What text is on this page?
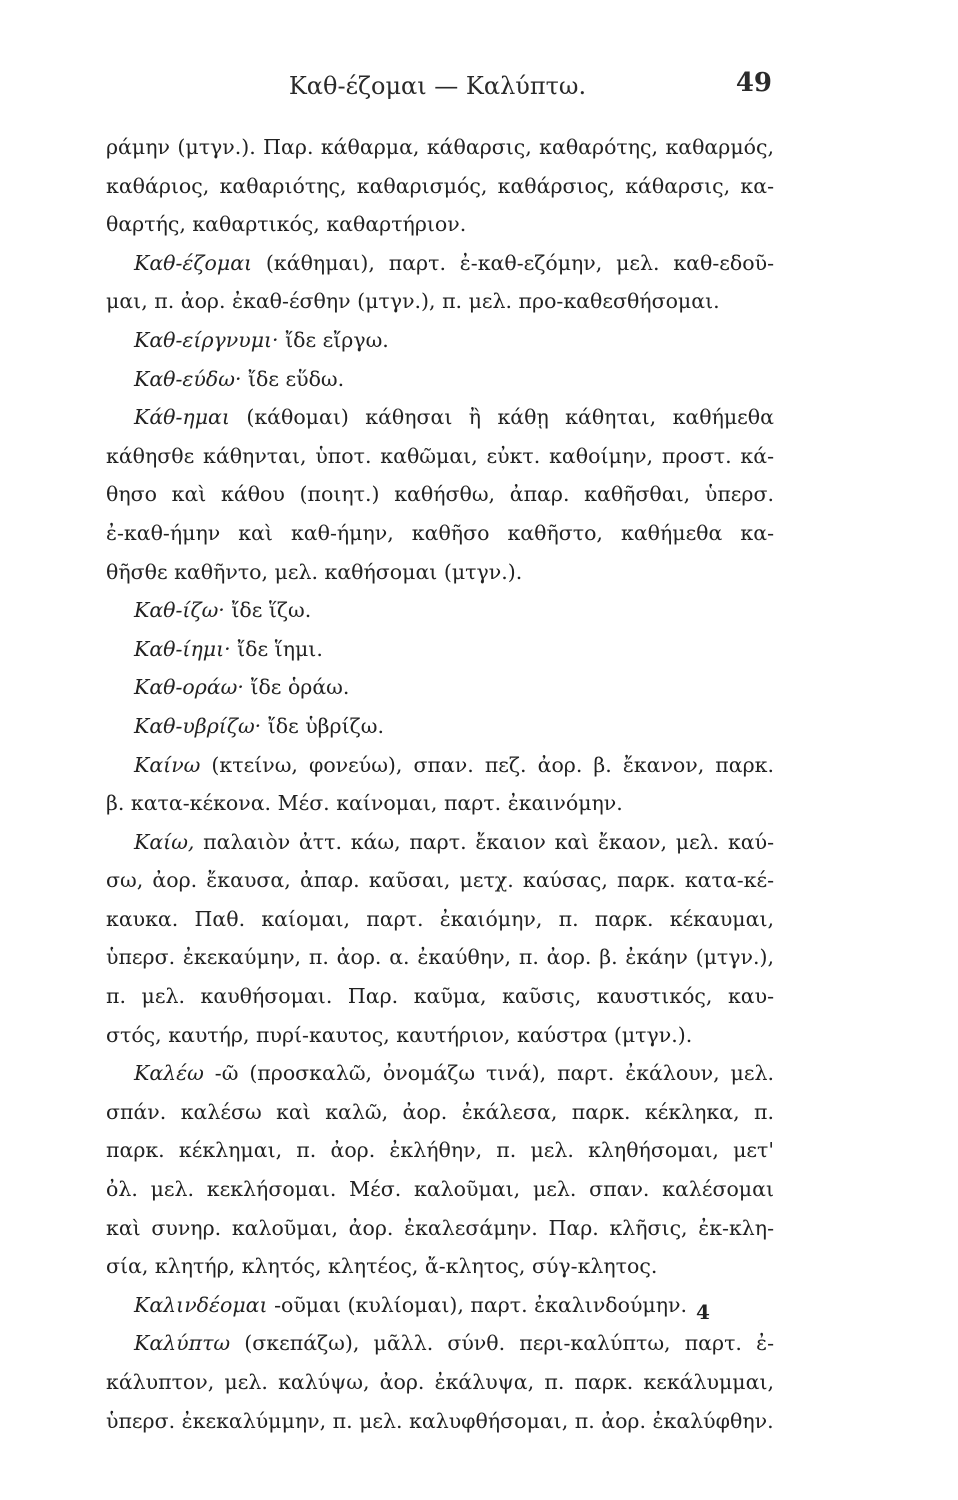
Καθ-έζομαι — Καλύπτω.	49
ράμην (μτγν.). Παρ. κάθαρμα, κάθαρσις, καθαρότης, καθαρμός,
καθάριος, καθαριότης, καθαρισμός, καθάρσιος, κάθαρσις, κα-
θαρτής, καθαρτικός, καθαρτήριον.
Καθ-έζομαι (κάθημαι), παρτ. ἐ-καθ-εζόμην, μελ. καθ-εδοῦ-
μαι, π. ἀορ. ἐκαθ-έσθην (μτγν.), π. μελ. προ-καθεσθήσομαι.
Καθ-είργνυμι· ἴδε εἴργω.
Καθ-εύδω· ἴδε εὕδω.
Κάθ-ημαι (κάθομαι) κάθησαι ἢ κάθῃ κάθηται, καθήμεθα
κάθησθε κάθηνται, ὑποτ. καθῶμαι, εὐκτ. καθοίμην, προστ. κά-
θησο καὶ κάθου (ποιητ.) καθήσθω, ἀπαρ. καθῆσθαι, ὑπερσ.
ἐ-καθ-ήμην καὶ καθ-ήμην, καθῆσο καθῆστο, καθήμεθα κα-
θῆσθε καθῆντο, μελ. καθήσομαι (μτγν.).
Καθ-ίζω· ἴδε ἵζω.
Καθ-ίημι· ἴδε ἵημι.
Καθ-οράω· ἴδε ὁράω.
Καθ-υβρίζω· ἴδε ὑβρίζω.
Καίνω (κτείνω, φονεύω), σπαν. πεζ. ἀορ. β. ἔκανον, παρκ.
β. κατα-κέκονα. Μέσ. καίνομαι, παρτ. ἐκαινόμην.
Καίω, παλαιὸν ἀττ. κάω, παρτ. ἔκαιον καὶ ἔκαον, μελ. καύ-
σω, ἀορ. ἔκαυσα, ἀπαρ. καῦσαι, μετχ. καύσας, παρκ. κατα-κέ-
καυκα. Παθ. καίομαι, παρτ. ἐκαιόμην, π. παρκ. κέκαυμαι,
ὑπερσ. ἐκεκαύμην, π. ἀορ. α. ἐκαύθην, π. ἀορ. β. ἐκάην (μτγν.),
π. μελ. καυθήσομαι. Παρ. καῦμα, καῦσις, καυστικός, καυ-
στός, καυτήρ, πυρί-καυτος, καυτήριον, καύστρα (μτγν.).
Καλέω -ῶ (προσκαλῶ, ὀνομάζω τινά), παρτ. ἐκάλουν, μελ.
σπάν. καλέσω καὶ καλῶ, ἀορ. ἐκάλεσα, παρκ. κέκληκα, π.
παρκ. κέκλημαι, π. ἀορ. ἐκλήθην, π. μελ. κληθήσομαι, μετ'
ὀλ. μελ. κεκλήσομαι. Μέσ. καλοῦμαι, μελ. σπαν. καλέσομαι
καὶ συνηρ. καλοῦμαι, ἀορ. ἐκαλεσάμην. Παρ. κλῆσις, ἐκ-κλη-
σία, κλητήρ, κλητός, κλητέος, ἄ-κλητος, σύγ-κλητος.
Καλινδέομαι -οῦμαι (κυλίομαι), παρτ. ἐκαλινδούμην.
Καλύπτω (σκεπάζω), μᾶλλ. σύνθ. περι-καλύπτω, παρτ. ἐ-
κάλυπτον, μελ. καλύψω, ἀορ. ἐκάλυψα, π. παρκ. κεκάλυμμαι,
ὑπερσ. ἐκεκαλύμμην, π. μελ. καλυφθήσομαι, π. ἀορ. ἐκαλύφθην.
4
